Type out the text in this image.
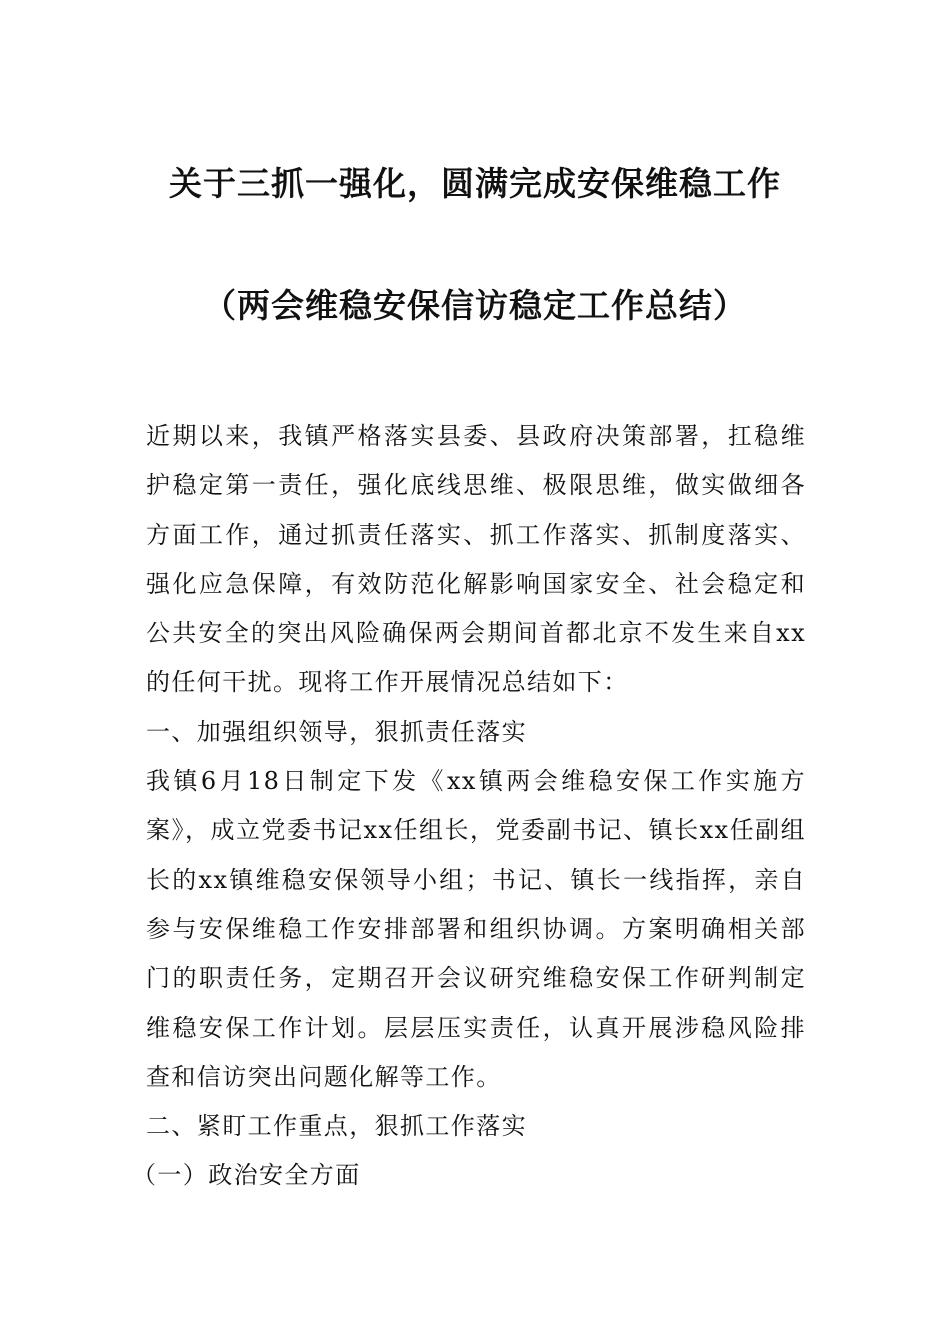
关于三抓一强化，圆满完成安保维稳工作
（两会维稳安保信访稳定工作总结）

近期以来，我镇严格落实县委、县政府决策部署，扛稳维护稳定第一责任，强化底线思维、极限思维，做实做细各方面工作，通过抓责任落实、抓工作落实、抓制度落实、强化应急保障，有效防范化解影响国家安全、社会稳定和公共安全的突出风险确保两会期间首都北京不发生来自xx的任何干扰。现将工作开展情况总结如下：

一、加强组织领导，狠抓责任落实

我镇6月18日制定下发《xx镇两会维稳安保工作实施方案》，成立党委书记xx任组长，党委副书记、镇长xx任副组长的xx镇维稳安保领导小组；书记、镇长一线指挥，亲自参与安保维稳工作安排部署和组织协调。方案明确相关部门的职责任务，定期召开会议研究维稳安保工作研判制定维稳安保工作计划。层层压实责任，认真开展涉稳风险排查和信访突出问题化解等工作。

二、紧盯工作重点，狠抓工作落实

（一）政治安全方面
